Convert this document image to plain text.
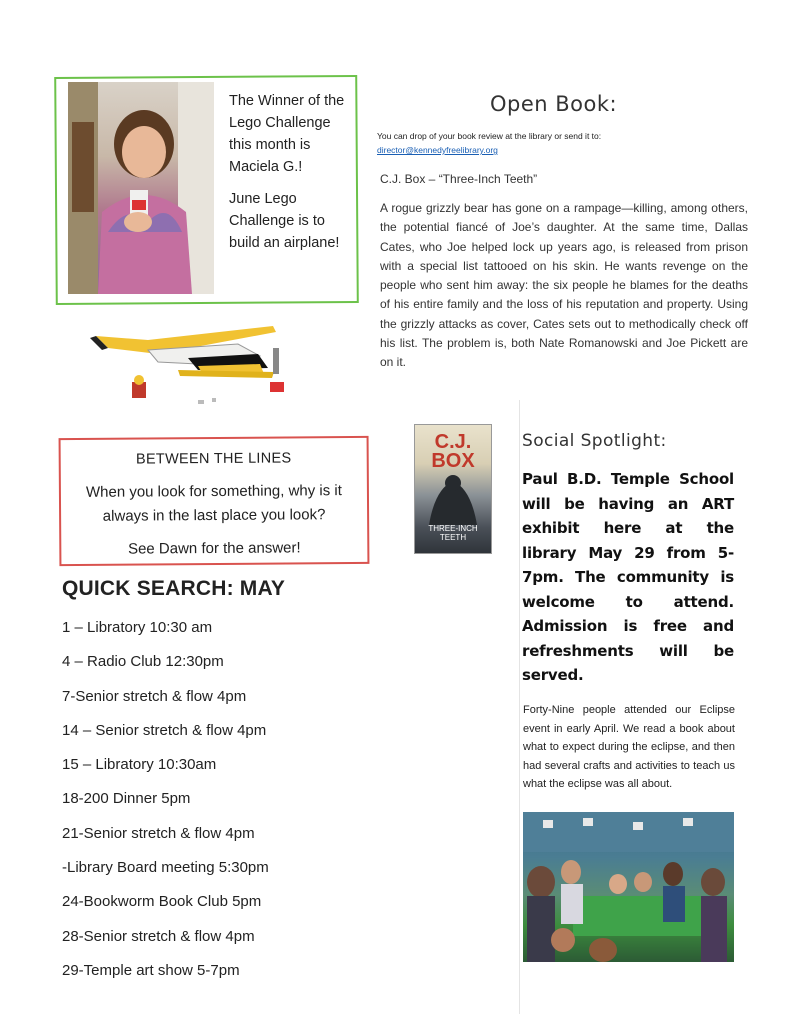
The Winner of the Lego Challenge this month is Maciela G.!

June Lego Challenge is to build an airplane!

BETWEEN THE LINES
When you look for something, why is it always in the last place you look?
See Dawn for the answer!
QUICK SEARCH: MAY
1 – Libratory 10:30 am
4 – Radio Club 12:30pm
7-Senior stretch & flow 4pm
14 – Senior stretch & flow 4pm
15 – Libratory 10:30am
18-200 Dinner 5pm
21-Senior stretch & flow 4pm
-Library Board meeting 5:30pm
24-Bookworm Book Club 5pm
28-Senior stretch & flow 4pm
29-Temple art show 5-7pm
Open Book:
You can drop of your book review at the library or send it to:
director@kennedyfreelibrary.org
C.J. Box – “Three-Inch Teeth”
A rogue grizzly bear has gone on a rampage—killing, among others, the potential fiancé of Joe’s daughter. At the same time, Dallas Cates, who Joe helped lock up years ago, is released from prison with a special list tattooed on his skin. He wants revenge on the people who sent him away: the six people he blames for the deaths of his entire family and the loss of his reputation and property. Using the grizzly attacks as cover, Cates sets out to methodically check off his list. The problem is, both Nate Romanowski and Joe Pickett are on it.
C.J. BOX
THREE-INCH TEETH
Social Spotlight:
Paul B.D. Temple School will be having an ART exhibit here at the library May 29 from 5-7pm. The community is welcome to attend. Admission is free and refreshments will be served.
Forty-Nine people attended our Eclipse event in early April. We read a book about what to expect during the eclipse, and then had several crafts and activities to teach us what the eclipse was all about.
